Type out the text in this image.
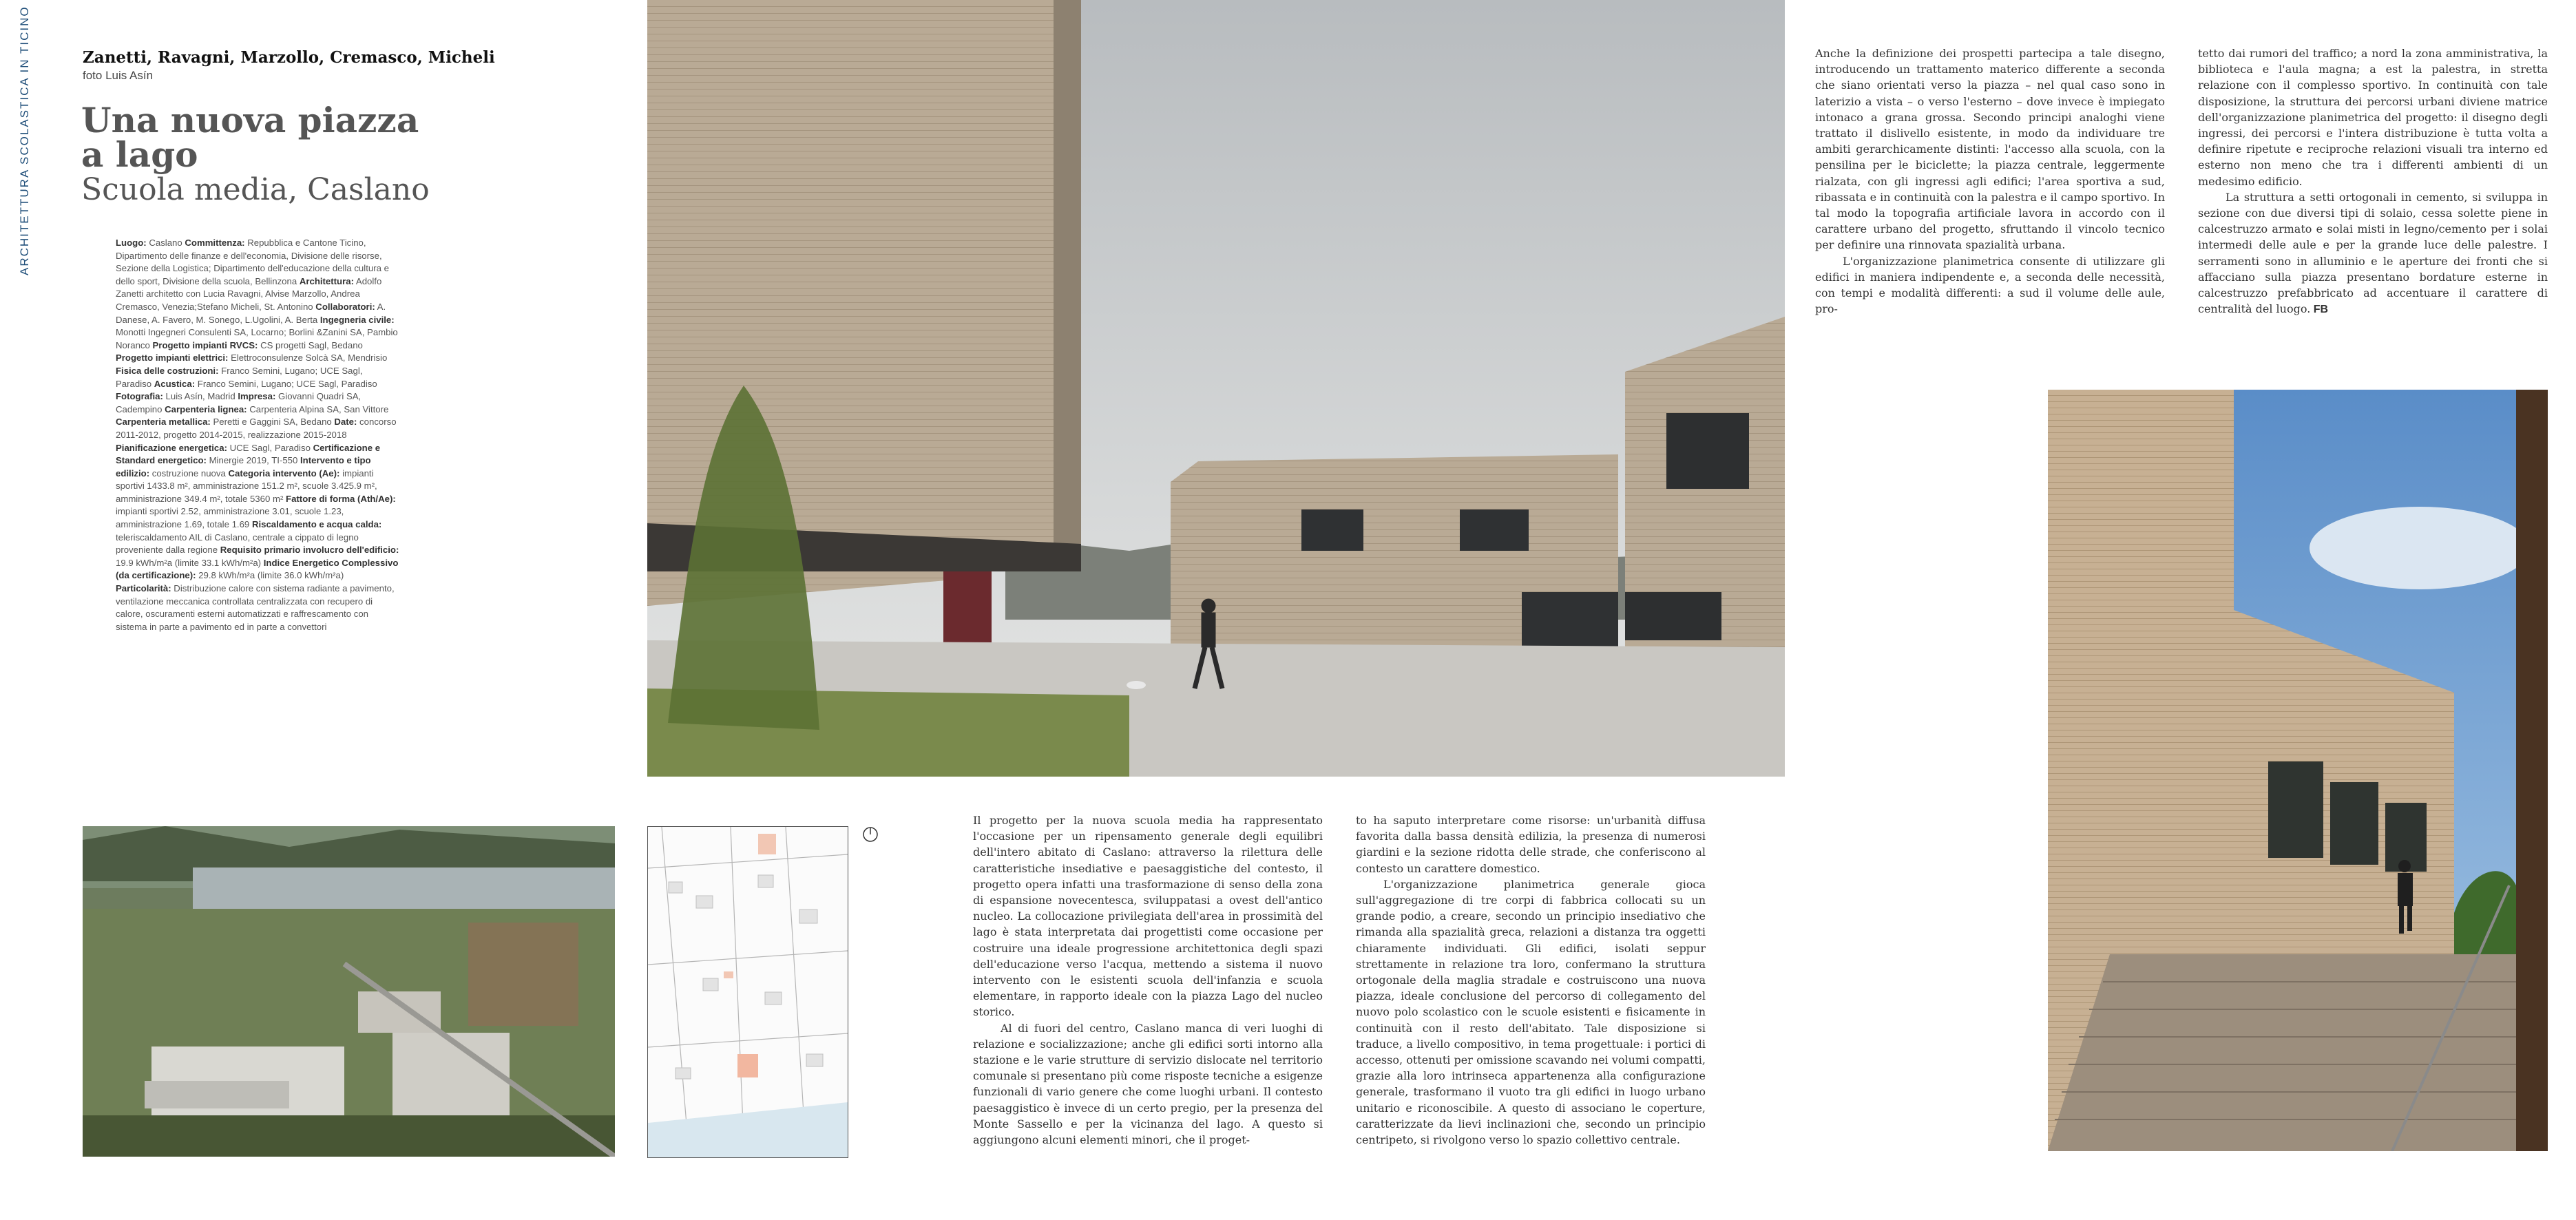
ARCHITETTURA SCOLASTICA IN TICINO	Zanetti, Ravagni, Marzollo, Cremasco, Micheli
foto Luis Asín
Una nuova piazza
a lago
Scuola media, Caslano
Luogo: Caslano Committenza: Repubblica e Cantone Ticino, Dipartimento delle finanze e dell'economia, Divisione delle risorse, Sezione della Logistica; Dipartimento dell'educazione della cultura e dello sport, Divisione della scuola, Bellinzona Architettura: Adolfo Zanetti architetto con Lucia Ravagni, Alvise Marzollo, Andrea Cremasco, Venezia;Stefano Micheli, St. Antonino Collaboratori: A. Danese, A. Favero, M. Sonego, L.Ugolini, A. Berta Ingegneria civile: Monotti Ingegneri Consulenti SA, Locarno; Borlini &Zanini SA, Pambio Noranco Progetto impianti RVCS: CS progetti Sagl, Bedano Progetto impianti elettrici: Elettroconsulenze Solcà SA, Mendrisio Fisica delle costruzioni: Franco Semini, Lugano; UCE Sagl, Paradiso Acustica: Franco Semini, Lugano; UCE Sagl, Paradiso Fotografia: Luis Asín, Madrid Impresa: Giovanni Quadri SA, Cadempino Carpenteria lignea: Carpenteria Alpina SA, San Vittore Carpenteria metallica: Peretti e Gaggini SA, Bedano Date: concorso 2011-2012, progetto 2014-2015, realizzazione 2015-2018 Pianificazione energetica: UCE Sagl, Paradiso Certificazione e Standard energetico: Minergie 2019, TI-550 Intervento e tipo edilizio: costruzione nuova Categoria intervento (Ae): impianti sportivi 1433.8 m², amministrazione 151.2 m², scuole 3.425.9 m², amministrazione 349.4 m², totale 5360 m² Fattore di forma (Ath/Ae): impianti sportivi 2.52, amministrazione 3.01, scuole 1.23, amministrazione 1.69, totale 1.69 Riscaldamento e acqua calda: teleriscaldamento AIL di Caslano, centrale a cippato di legno proveniente dalla regione Requisito primario involucro dell'edificio: 19.9 kWh/m²a (limite 33.1 kWh/m²a) Indice Energetico Complessivo (da certificazione): 29.8 kWh/m²a (limite 36.0 kWh/m²a) Particolarità: Distribuzione calore con sistema radiante a pavimento, ventilazione meccanica controllata centralizzata con recupero di calore, oscuramenti esterni automatizzati e raffrescamento con sistema in parte a pavimento ed in parte a convettori

Il progetto per la nuova scuola media ha rappresentato l'occasione per un ripensamento generale degli equilibri dell'intero abitato di Caslano: attraverso la rilettura delle caratteristiche insediative e paesaggistiche del contesto, il progetto opera infatti una trasformazione di senso della zona di espansione novecentesca, sviluppatasi a ovest dell'antico nucleo. La collocazione privilegiata dell'area in prossimità del lago è stata interpretata dai progettisti come occasione per costruire una ideale progressione architettonica degli spazi dell'educazione verso l'acqua, mettendo a sistema il nuovo intervento con le esistenti scuola dell'infanzia e scuola elementare, in rapporto ideale con la piazza Lago del nucleo storico.

Al di fuori del centro, Caslano manca di veri luoghi di relazione e socializzazione; anche gli edifici sorti intorno alla stazione e le varie strutture di servizio dislocate nel territorio comunale si presentano più come risposte tecniche a esigenze funzionali di vario genere che come luoghi urbani. Il contesto paesaggistico è invece di un certo pregio, per la presenza del Monte Sassello e per la vicinanza del lago. A questo si aggiungono alcuni elementi minori, che il proget-

to ha saputo interpretare come risorse: un'urbanità diffusa favorita dalla bassa densità edilizia, la presenza di numerosi giardini e la sezione ridotta delle strade, che conferiscono al contesto un carattere domestico.

L'organizzazione planimetrica generale gioca sull'aggregazione di tre corpi di fabbrica collocati su un grande podio, a creare, secondo un principio insediativo che rimanda alla spazialità greca, relazioni a distanza tra oggetti chiaramente individuati. Gli edifici, isolati seppur strettamente in relazione tra loro, confermano la struttura ortogonale della maglia stradale e costruiscono una nuova piazza, ideale conclusione del percorso di collegamento del nuovo polo scolastico con le scuole esistenti e fisicamente in continuità con il resto dell'abitato. Tale disposizione si traduce, a livello compositivo, in tema progettuale: i portici di accesso, ottenuti per omissione scavando nei volumi compatti, grazie alla loro intrinseca appartenenza alla configurazione generale, trasformano il vuoto tra gli edifici in luogo urbano unitario e riconoscibile. A questo di associano le coperture, caratterizzate da lievi inclinazioni che, secondo un principio centripeto, si rivolgono verso lo spazio collettivo centrale.

Anche la definizione dei prospetti partecipa a tale disegno, introducendo un trattamento materico differente a seconda che siano orientati verso la piazza – nel qual caso sono in laterizio a vista – o verso l'esterno – dove invece è impiegato intonaco a grana grossa. Secondo principi analoghi viene trattato il dislivello esistente, in modo da individuare tre ambiti gerarchicamente distinti: l'accesso alla scuola, con la pensilina per le biciclette; la piazza centrale, leggermente rialzata, con gli ingressi agli edifici; l'area sportiva a sud, ribassata e in continuità con la palestra e il campo sportivo. In tal modo la topografia artificiale lavora in accordo con il carattere urbano del progetto, sfruttando il vincolo tecnico per definire una rinnovata spazialità urbana.

L'organizzazione planimetrica consente di utilizzare gli edifici in maniera indipendente e, a seconda delle necessità, con tempi e modalità differenti: a sud il volume delle aule, pro-

tetto dai rumori del traffico; a nord la zona amministrativa, la biblioteca e l'aula magna; a est la palestra, in stretta relazione con il complesso sportivo. In continuità con tale disposizione, la struttura dei percorsi urbani diviene matrice dell'organizzazione planimetrica del progetto: il disegno degli ingressi, dei percorsi e l'intera distribuzione è tutta volta a definire ripetute e reciproche relazioni visuali tra interno ed esterno non meno che tra i differenti ambienti di un medesimo edificio.

La struttura a setti ortogonali in cemento, si sviluppa in sezione con due diversi tipi di solaio, cessa solette piene in calcestruzzo armato e solai misti in legno/cemento per i solai intermedi delle aule e per la grande luce delle palestre. I serramenti sono in alluminio e le aperture dei fronti che si affacciano sulla piazza presentano bordature esterne in calcestruzzo prefabbricato ad accentuare il carattere di centralità del luogo. FB
